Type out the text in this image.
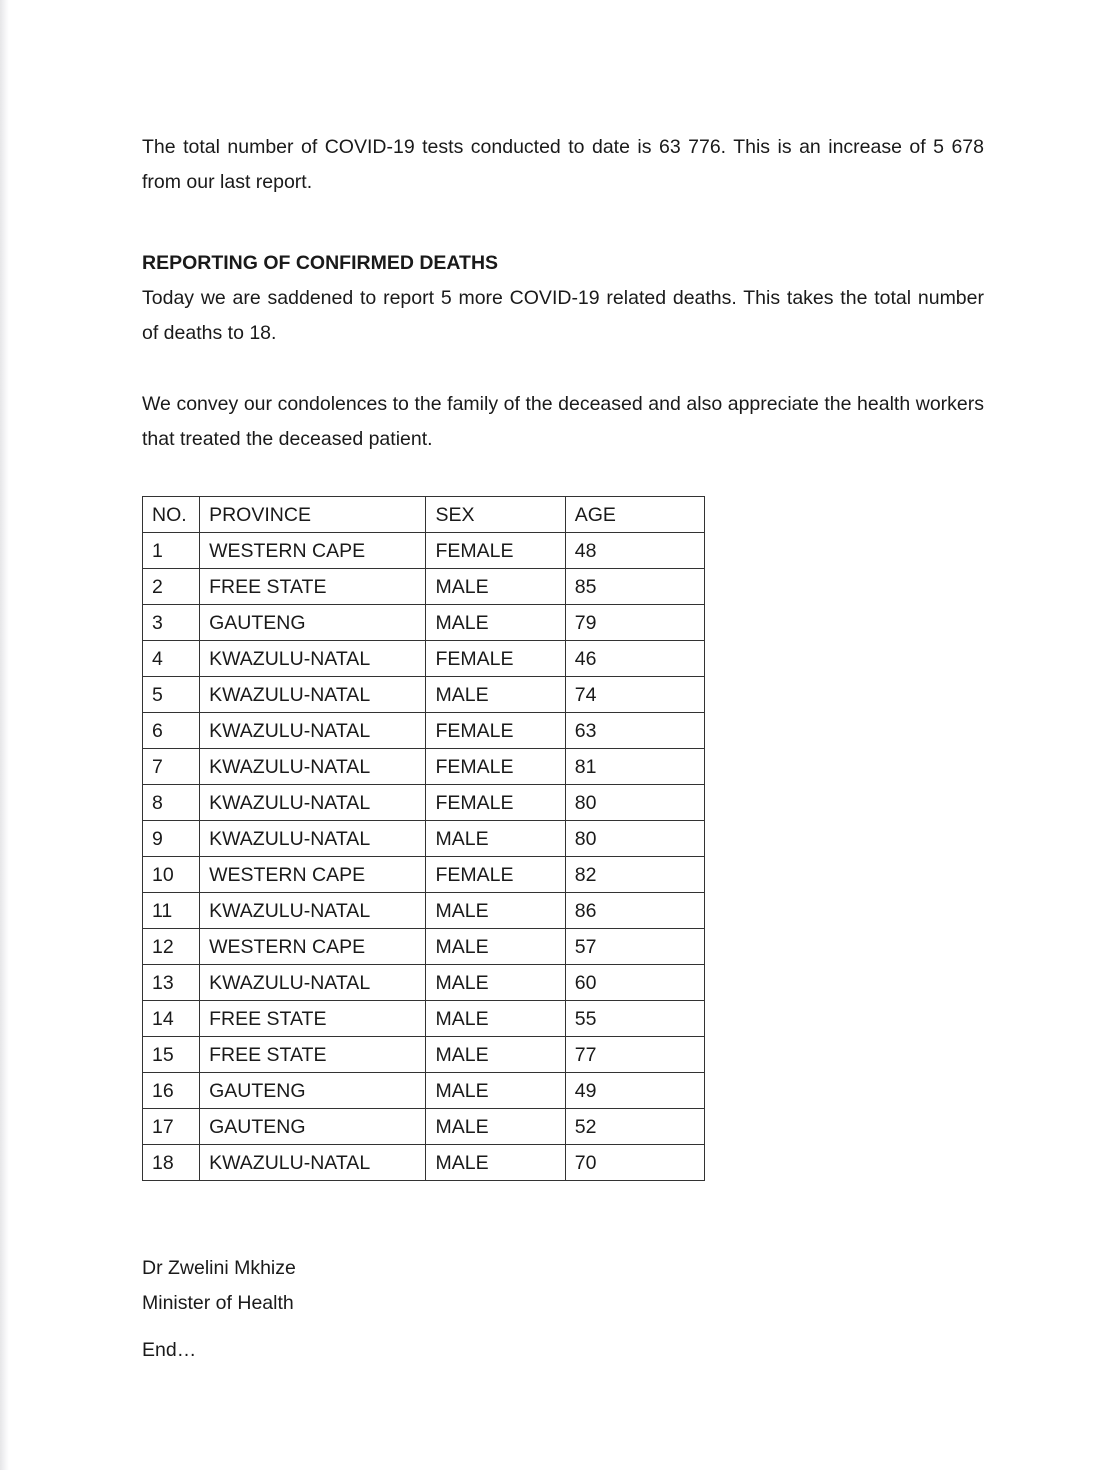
The total number of COVID-19 tests conducted to date is 63 776. This is an increase of 5 678 from our last report.

REPORTING OF CONFIRMED DEATHS

Today we are saddened to report 5 more COVID-19 related deaths. This takes the total number of deaths to 18.

We convey our condolences to the family of the deceased and also appreciate the health workers that treated the deceased patient.

NO.	PROVINCE	SEX	AGE
1	WESTERN CAPE	FEMALE	48
2	FREE STATE	MALE	85
3	GAUTENG	MALE	79
4	KWAZULU-NATAL	FEMALE	46
5	KWAZULU-NATAL	MALE	74
6	KWAZULU-NATAL	FEMALE	63
7	KWAZULU-NATAL	FEMALE	81
8	KWAZULU-NATAL	FEMALE	80
9	KWAZULU-NATAL	MALE	80
10	WESTERN CAPE	FEMALE	82
11	KWAZULU-NATAL	MALE	86
12	WESTERN CAPE	MALE	57
13	KWAZULU-NATAL	MALE	60
14	FREE STATE	MALE	55
15	FREE STATE	MALE	77
16	GAUTENG	MALE	49
17	GAUTENG	MALE	52
18	KWAZULU-NATAL	MALE	70
Dr Zwelini Mkhize
Minister of Health
End…
